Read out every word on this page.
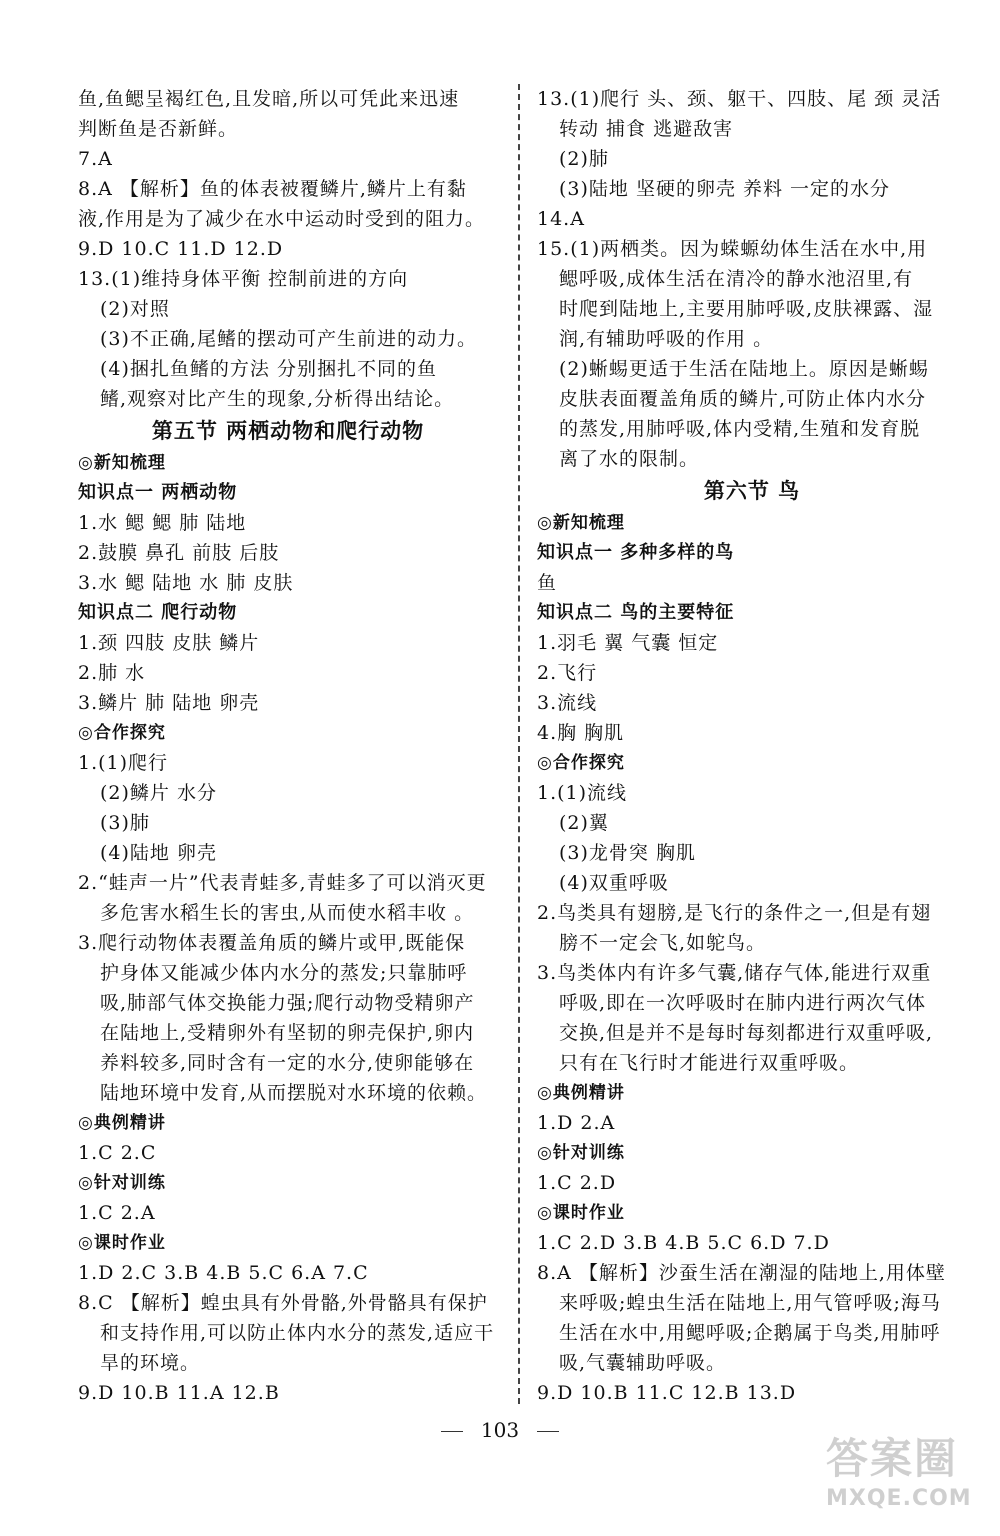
鱼,鱼鳃呈褐红色,且发暗,所以可凭此来迅速
判断鱼是否新鲜。
7.A
8.A 【解析】鱼的体表被覆鳞片,鳞片上有黏
液,作用是为了减少在水中运动时受到的阻力。
9.D 10.C 11.D 12.D
13.(1)维持身体平衡 控制前进的方向
(2)对照
(3)不正确,尾鳍的摆动可产生前进的动力。
(4)捆扎鱼鳍的方法 分别捆扎不同的鱼
鳍,观察对比产生的现象,分析得出结论。
第五节 两栖动物和爬行动物
◎新知梳理
知识点一 两栖动物
1.水 鳃 鳃 肺 陆地
2.鼓膜 鼻孔 前肢 后肢
3.水 鳃 陆地 水 肺 皮肤
知识点二 爬行动物
1.颈 四肢 皮肤 鳞片
2.肺 水
3.鳞片 肺 陆地 卵壳
◎合作探究
1.(1)爬行
(2)鳞片 水分
(3)肺
(4)陆地 卵壳
2.“蛙声一片”代表青蛙多,青蛙多了可以消灭更
多危害水稻生长的害虫,从而使水稻丰收 。
3.爬行动物体表覆盖角质的鳞片或甲,既能保
护身体又能减少体内水分的蒸发;只靠肺呼
吸,肺部气体交换能力强;爬行动物受精卵产
在陆地上,受精卵外有坚韧的卵壳保护,卵内
养料较多,同时含有一定的水分,使卵能够在
陆地环境中发育,从而摆脱对水环境的依赖。
◎典例精讲
1.C 2.C
◎针对训练
1.C 2.A
◎课时作业
1.D 2.C 3.B 4.B 5.C 6.A 7.C
8.C 【解析】蝗虫具有外骨骼,外骨骼具有保护
和支持作用,可以防止体内水分的蒸发,适应干
旱的环境。
9.D 10.B 11.A 12.B
13.(1)爬行 头、颈、躯干、四肢、尾 颈 灵活
转动 捕食 逃避敌害
(2)肺
(3)陆地 坚硬的卵壳 养料 一定的水分
14.A
15.(1)两栖类。因为蝾螈幼体生活在水中,用
鳃呼吸,成体生活在清冷的静水池沼里,有
时爬到陆地上,主要用肺呼吸,皮肤裸露、湿
润,有辅助呼吸的作用 。
(2)蜥蜴更适于生活在陆地上。原因是蜥蜴
皮肤表面覆盖角质的鳞片,可防止体内水分
的蒸发,用肺呼吸,体内受精,生殖和发育脱
离了水的限制。
第六节 鸟
◎新知梳理
知识点一 多种多样的鸟
鱼
知识点二 鸟的主要特征
1.羽毛 翼 气囊 恒定
2.飞行
3.流线
4.胸 胸肌
◎合作探究
1.(1)流线
(2)翼
(3)龙骨突 胸肌
(4)双重呼吸
2.鸟类具有翅膀,是飞行的条件之一,但是有翅
膀不一定会飞,如鸵鸟。
3.鸟类体内有许多气囊,储存气体,能进行双重
呼吸,即在一次呼吸时在肺内进行两次气体
交换,但是并不是每时每刻都进行双重呼吸,
只有在飞行时才能进行双重呼吸。
◎典例精讲
1.D 2.A
◎针对训练
1.C 2.D
◎课时作业
1.C 2.D 3.B 4.B 5.C 6.D 7.D
8.A 【解析】沙蚕生活在潮湿的陆地上,用体壁
来呼吸;蝗虫生活在陆地上,用气管呼吸;海马
生活在水中,用鳃呼吸;企鹅属于鸟类,用肺呼
吸,气囊辅助呼吸。
9.D 10.B 11.C 12.B 13.D
103
答案圈
MXQE.COM
